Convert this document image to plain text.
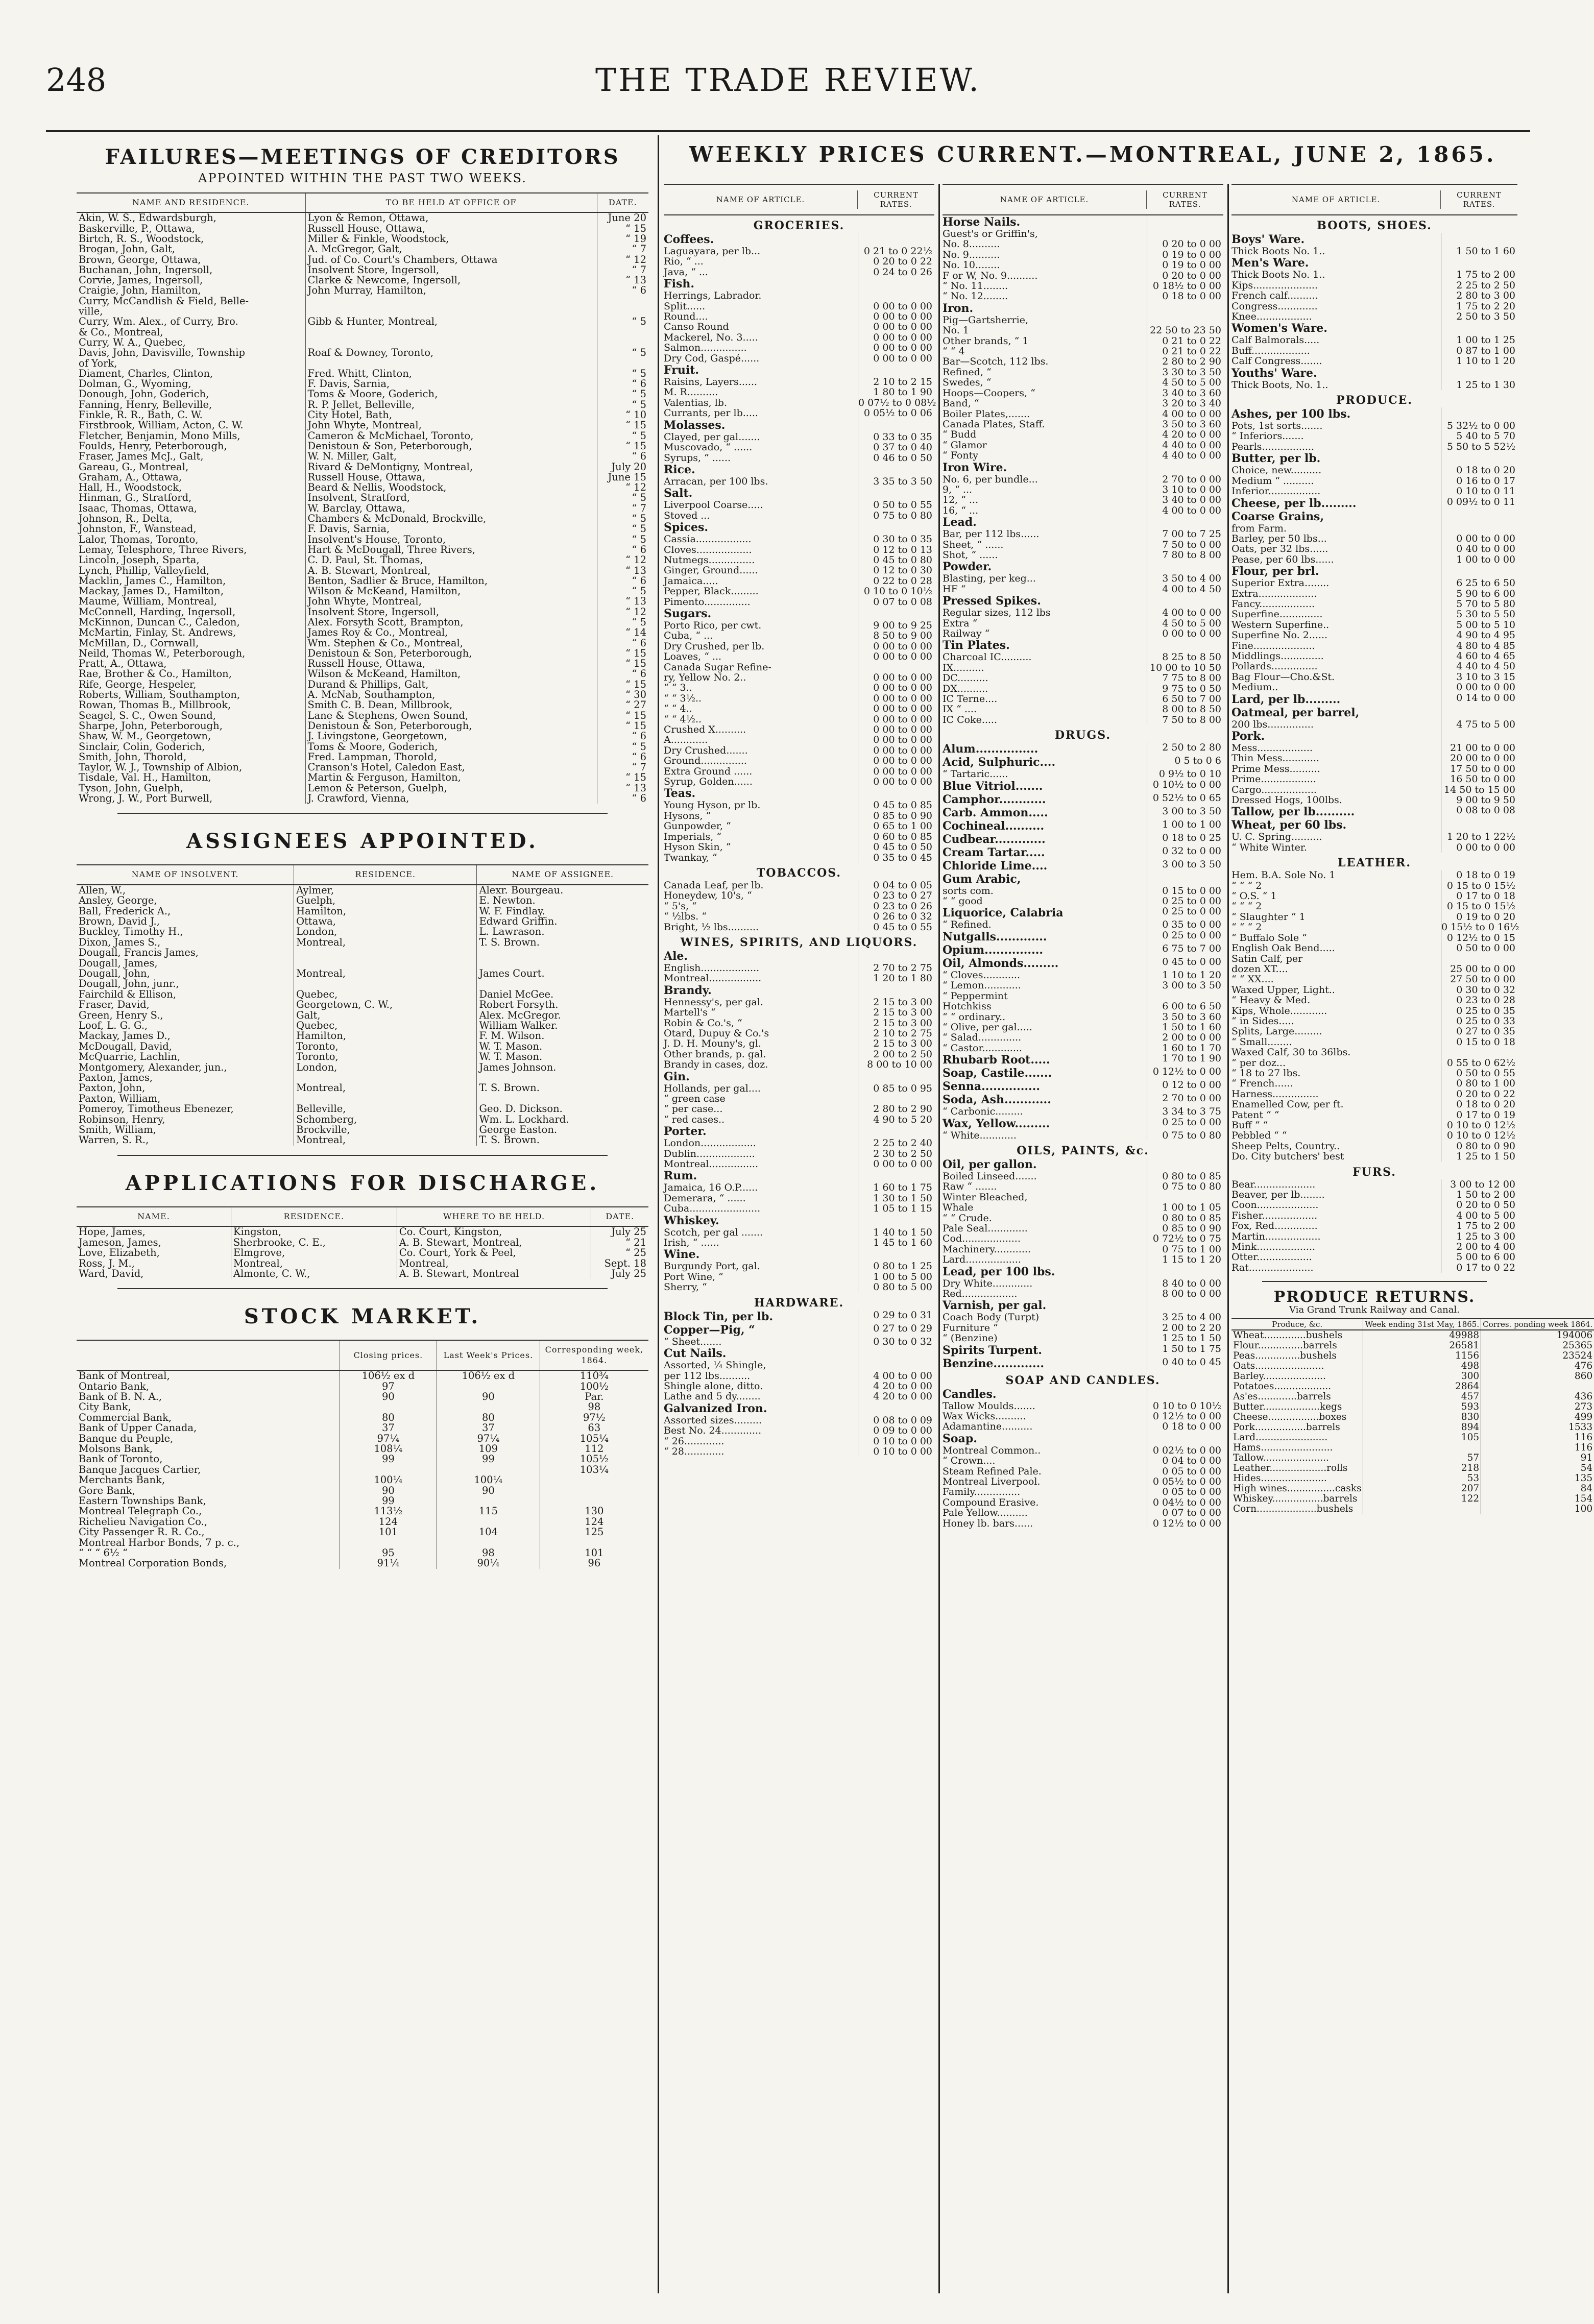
248	THE TRADE REVIEW.
FAILURES—MEETINGS OF CREDITORS
APPOINTED WITHIN THE PAST TWO WEEKS.
NAME AND RESIDENCE.	TO BE HELD AT OFFICE OF	DATE.
Akin, W. S., Edwardsburgh,	Lyon & Remon, Ottawa,	June 20
Baskerville, P., Ottawa,	Russell House, Ottawa,	“ 15
Birtch, R. S., Woodstock,	Miller & Finkle, Woodstock,	“ 19
Brogan, John, Galt,	A. McGregor, Galt,	“ 7
Brown, George, Ottawa,	Jud. of Co. Court's Chambers, Ottawa	“ 12
Buchanan, John, Ingersoll,	Insolvent Store, Ingersoll,	“ 7
Corvie, James, Ingersoll,	Clarke & Newcome, Ingersoll,	“ 13
Craigie, John, Hamilton,	John Murray, Hamilton,	“ 6
Curry, McCandlish & Field, Belle-		
ville,		
Curry, Wm. Alex., of Curry, Bro.	Gibb & Hunter, Montreal,	“ 5
& Co., Montreal,		
Curry, W. A., Quebec,		
Davis, John, Davisville, Township	Roaf & Downey, Toronto,	“ 5
of York,		
Diament, Charles, Clinton,	Fred. Whitt, Clinton,	“ 5
Dolman, G., Wyoming,	F. Davis, Sarnia,	“ 6
Donough, John, Goderich,	Toms & Moore, Goderich,	“ 5
Fanning, Henry, Belleville,	R. P. Jellet, Belleville,	“ 5
Finkle, R. R., Bath, C. W.	City Hotel, Bath,	“ 10
Firstbrook, William, Acton, C. W.	John Whyte, Montreal,	“ 15
Fletcher, Benjamin, Mono Mills,	Cameron & McMichael, Toronto,	“ 5
Foulds, Henry, Peterborough,	Denistoun & Son, Peterborough,	“ 15
Fraser, James McJ., Galt,	W. N. Miller, Galt,	“ 6
Gareau, G., Montreal,	Rivard & DeMontigny, Montreal,	July 20
Graham, A., Ottawa,	Russell House, Ottawa,	June 15
Hall, H., Woodstock,	Beard & Nellis, Woodstock,	“ 12
Hinman, G., Stratford,	Insolvent, Stratford,	“ 5
Isaac, Thomas, Ottawa,	W. Barclay, Ottawa,	“ 7
Johnson, R., Delta,	Chambers & McDonald, Brockville,	“ 5
Johnston, F., Wanstead,	F. Davis, Sarnia,	“ 5
Lalor, Thomas, Toronto,	Insolvent's House, Toronto,	“ 5
Lemay, Telesphore, Three Rivers,	Hart & McDougall, Three Rivers,	“ 6
Lincoln, Joseph, Sparta,	C. D. Paul, St. Thomas,	“ 12
Lynch, Phillip, Valleyfield,	A. B. Stewart, Montreal,	“ 13
Macklin, James C., Hamilton,	Benton, Sadlier & Bruce, Hamilton,	“ 6
Mackay, James D., Hamilton,	Wilson & McKeand, Hamilton,	“ 5
Maume, William, Montreal,	John Whyte, Montreal,	“ 13
McConnell, Harding, Ingersoll,	Insolvent Store, Ingersoll,	“ 12
McKinnon, Duncan C., Caledon,	Alex. Forsyth Scott, Brampton,	“ 5
McMartin, Finlay, St. Andrews,	James Roy & Co., Montreal,	“ 14
McMillan, D., Cornwall,	Wm. Stephen & Co., Montreal,	“ 6
Neild, Thomas W., Peterborough,	Denistoun & Son, Peterborough,	“ 15
Pratt, A., Ottawa,	Russell House, Ottawa,	“ 15
Rae, Brother & Co., Hamilton,	Wilson & McKeand, Hamilton,	“ 6
Rife, George, Hespeler,	Durand & Phillips, Galt,	“ 15
Roberts, William, Southampton,	A. McNab, Southampton,	“ 30
Rowan, Thomas B., Millbrook,	Smith C. B. Dean, Millbrook,	“ 27
Seagel, S. C., Owen Sound,	Lane & Stephens, Owen Sound,	“ 15
Sharpe, John, Peterborough,	Denistoun & Son, Peterborough,	“ 15
Shaw, W. M., Georgetown,	J. Livingstone, Georgetown,	“ 6
Sinclair, Colin, Goderich,	Toms & Moore, Goderich,	“ 5
Smith, John, Thorold,	Fred. Lampman, Thorold,	“ 6
Taylor, W. J., Township of Albion,	Cranson's Hotel, Caledon East,	“ 7
Tisdale, Val. H., Hamilton,	Martin & Ferguson, Hamilton,	“ 15
Tyson, John, Guelph,	Lemon & Peterson, Guelph,	“ 13
Wrong, J. W., Port Burwell,	J. Crawford, Vienna,	“ 6
ASSIGNEES APPOINTED.
NAME OF INSOLVENT.	RESIDENCE.	NAME OF ASSIGNEE.
Allen, W.,	Aylmer,	Alexr. Bourgeau.
Ansley, George,	Guelph,	E. Newton.
Ball, Frederick A.,	Hamilton,	W. F. Findlay.
Brown, David J.,	Ottawa,	Edward Griffin.
Buckley, Timothy H.,	London,	L. Lawrason.
Dixon, James S.,	Montreal,	T. S. Brown.
Dougall, Francis James,		
Dougall, James,		
Dougall, John,	Montreal,	James Court.
Dougall, John, junr.,		
Fairchild & Ellison,	Quebec,	Daniel McGee.
Fraser, David,	Georgetown, C. W.,	Robert Forsyth.
Green, Henry S.,	Galt,	Alex. McGregor.
Loof, L. G. G.,	Quebec,	William Walker.
Mackay, James D.,	Hamilton,	F. M. Wilson.
McDougall, David,	Toronto,	W. T. Mason.
McQuarrie, Lachlin,	Toronto,	W. T. Mason.
Montgomery, Alexander, jun.,	London,	James Johnson.
Paxton, James,		
Paxton, John,	Montreal,	T. S. Brown.
Paxton, William,		
Pomeroy, Timotheus Ebenezer,	Belleville,	Geo. D. Dickson.
Robinson, Henry,	Schomberg,	Wm. L. Lockhard.
Smith, William,	Brockville,	George Easton.
Warren, S. R.,	Montreal,	T. S. Brown.
APPLICATIONS FOR DISCHARGE.
NAME.	RESIDENCE.	WHERE TO BE HELD.	DATE.
Hope, James,	Kingston,	Co. Court, Kingston,	July 25
Jameson, James,	Sherbrooke, C. E.,	A. B. Stewart, Montreal,	“ 21
Love, Elizabeth,	Elmgrove,	Co. Court, York & Peel,	“ 25
Ross, J. M.,	Montreal,	Montreal,	Sept. 18
Ward, David,	Almonte, C. W.,	A. B. Stewart, Montreal	July 25
STOCK MARKET.
	Closing prices.	Last Week's Prices.	Corresponding week, 1864.
Bank of Montreal,	106½ ex d	106½ ex d	110¾
Ontario Bank,	97		100½
Bank of B. N. A.,	90	90	Par.
City Bank,			98
Commercial Bank,	80	80	97½
Bank of Upper Canada,	37	37	63
Banque du Peuple,	97¼	97¼	105¼
Molsons Bank,	108¼	109	112
Bank of Toronto,	99	99	105½
Banque Jacques Cartier,			103¼
Merchants Bank,	100¼	100¼	
Gore Bank,	90	90	
Eastern Townships Bank,	99		
Montreal Telegraph Co.,	113½	115	130
Richelieu Navigation Co.,	124		124
City Passenger R. R. Co.,	101	104	125
Montreal Harbor Bonds, 7 p. c.,			
“ “ “ 6½ “	95	98	101
Montreal Corporation Bonds,	91¼	90¼	96
WEEKLY PRICES CURRENT.—MONTREAL, JUNE 2, 1865.
NAME OF ARTICLE.	CURRENT RATES.
GROCERIES.
Coffees.
Laguayara, per lb...	0 21 to 0 22½
Rio, “ ...	0 20 to 0 22
Java, “ ...	0 24 to 0 26
Fish.
Herrings, Labrador.
Split......	0 00 to 0 00
Round....	0 00 to 0 00
Canso Round	0 00 to 0 00
Mackerel, No. 3.....	0 00 to 0 00
Salmon...............	0 00 to 0 00
Dry Cod, Gaspé......	0 00 to 0 00
Fruit.
Raisins, Layers......	2 10 to 2 15
M. R..........	1 80 to 1 90
Valentias, lb.	0 07½ to 0 08½
Currants, per lb.....	0 05½ to 0 06
Molasses.
Clayed, per gal.......	0 33 to 0 35
Muscovado, “ ......	0 37 to 0 40
Syrups, “ ......	0 46 to 0 50
Rice.
Arracan, per 100 lbs.	3 35 to 3 50
Salt.
Liverpool Coarse.....	0 50 to 0 55
Stoved ...	0 75 to 0 80
Spices.
Cassia..................	0 30 to 0 35
Cloves..................	0 12 to 0 13
Nutmegs...............	0 45 to 0 80
Ginger, Ground......	0 12 to 0 30
Jamaica.....	0 22 to 0 28
Pepper, Black.........	0 10 to 0 10½
Pimento...............	0 07 to 0 08
Sugars.
Porto Rico, per cwt.	9 00 to 9 25
Cuba, “ ...	8 50 to 9 00
Dry Crushed, per lb.	0 00 to 0 00
Loaves, “ ...	0 00 to 0 00
Canada Sugar Refine-
ry, Yellow No. 2..	0 00 to 0 00
“ “ 3..	0 00 to 0 00
“ “ 3½..	0 00 to 0 00
“ “ 4..	0 00 to 0 00
“ “ 4½..	0 00 to 0 00
Crushed X..........	0 00 to 0 00
A............	0 00 to 0 00
Dry Crushed.......	0 00 to 0 00
Ground...............	0 00 to 0 00
Extra Ground ......	0 00 to 0 00
Syrup, Golden......	0 00 to 0 00
Teas.
Young Hyson, pr lb.	0 45 to 0 85
Hysons, “	0 85 to 0 90
Gunpowder, “	0 65 to 1 00
Imperials, “	0 60 to 0 85
Hyson Skin, “	0 45 to 0 50
Twankay, “	0 35 to 0 45
TOBACCOS.
Canada Leaf, per lb.	0 04 to 0 05
Honeydew, 10's, “	0 23 to 0 27
“ 5's, “	0 23 to 0 26
“ ½lbs. “	0 26 to 0 32
Bright, ½ lbs..........	0 45 to 0 55
WINES, SPIRITS, AND LIQUORS.
Ale.
English...................	2 70 to 2 75
Montreal.................	1 20 to 1 80
Brandy.
Hennessy's, per gal.	2 15 to 3 00
Martell's “	2 15 to 3 00
Robin & Co.'s, “	2 15 to 3 00
Otard, Dupuy & Co.'s	2 10 to 2 75
J. D. H. Mouny's, gl.	2 15 to 3 00
Other brands, p. gal.	2 00 to 2 50
Brandy in cases, doz.	8 00 to 10 00
Gin.
Hollands, per gal....	0 85 to 0 95
“ green case
“ per case...	2 80 to 2 90
“ red cases..	4 90 to 5 20
Porter.
London..................	2 25 to 2 40
Dublin...................	2 30 to 2 50
Montreal................	0 00 to 0 00
Rum.
Jamaica, 16 O.P......	1 60 to 1 75
Demerara, “ ......	1 30 to 1 50
Cuba.......................	1 05 to 1 15
Whiskey.
Scotch, per gal .......	1 40 to 1 50
Irish, “ ......	1 45 to 1 60
Wine.
Burgundy Port, gal.	0 80 to 1 25
Port Wine, “	1 00 to 5 00
Sherry, “	0 80 to 5 00
HARDWARE.
Block Tin, per lb.	0 29 to 0 31
Copper—Pig, “	0 27 to 0 29
“ Sheet.......	0 30 to 0 32
Cut Nails.
Assorted, ¼ Shingle,
per 112 lbs..........	4 00 to 0 00
Shingle alone, ditto.	4 20 to 0 00
Lathe and 5 dy........	4 20 to 0 00
Galvanized Iron.
Assorted sizes.........	0 08 to 0 09
Best No. 24.............	0 09 to 0 00
“ 26.............	0 10 to 0 00
“ 28.............	0 10 to 0 00
NAME OF ARTICLE.	CURRENT RATES.
Horse Nails.
Guest's or Griffin's,
No. 8..........	0 20 to 0 00
No. 9..........	0 19 to 0 00
No. 10........	0 19 to 0 00
F or W, No. 9..........	0 20 to 0 00
“ No. 11........	0 18½ to 0 00
“ No. 12........	0 18 to 0 00
Iron.
Pig—Gartsherrie,
No. 1	22 50 to 23 50
Other brands, “ 1	0 21 to 0 22
“ “ 4	0 21 to 0 22
Bar—Scotch, 112 lbs.	2 80 to 2 90
Refined, “	3 30 to 3 50
Swedes, “	4 50 to 5 00
Hoops—Coopers, “	3 40 to 3 60
Band, “	3 20 to 3 40
Boiler Plates,.......	4 00 to 0 00
Canada Plates, Staff.	3 50 to 3 60
“ Budd	4 20 to 0 00
“ Glamor	4 40 to 0 00
“ Fonty	4 40 to 0 00
Iron Wire.
No. 6, per bundle...	2 70 to 0 00
9, “ ...	3 10 to 0 00
12, “ ...	3 40 to 0 00
16, “ ...	4 00 to 0 00
Lead.
Bar, per 112 lbs......	7 00 to 7 25
Sheet, “ ......	7 50 to 0 00
Shot, “ ......	7 80 to 8 00
Powder.
Blasting, per keg...	3 50 to 4 00
HF “	4 00 to 4 50
Pressed Spikes.
Regular sizes, 112 lbs	4 00 to 0 00
Extra “	4 50 to 5 00
Railway “	0 00 to 0 00
Tin Plates.
Charcoal IC..........	8 25 to 8 50
IX..........	10 00 to 10 50
DC..........	7 75 to 8 00
DX..........	9 75 to 0 50
IC Terne....	6 50 to 7 00
IX “ ....	8 00 to 8 50
IC Coke.....	7 50 to 8 00
DRUGS.
Alum................	2 50 to 2 80
Acid, Sulphuric....	0 5 to 0 6
“ Tartaric......	0 9½ to 0 10
Blue Vitriol.......	0 10½ to 0 00
Camphor............	0 52½ to 0 65
Carb. Ammon.....	3 00 to 3 50
Cochineal..........	1 00 to 1 00
Cudbear.............	0 18 to 0 25
Cream Tartar.....	0 32 to 0 00
Chloride Lime....	3 00 to 3 50
Gum Arabic,
sorts com.	0 15 to 0 00
“ “ good	0 25 to 0 00
Liquorice, Calabria	0 25 to 0 00
“ Refined.	0 35 to 0 00
Nutgalls.............	0 25 to 0 00
Opium...............	6 75 to 7 00
Oil, Almonds.........	0 45 to 0 00
“ Cloves............	1 10 to 1 20
“ Lemon............	3 00 to 3 50
“ Peppermint
Hotchkiss	6 00 to 6 50
“ “ ordinary..	3 50 to 3 60
“ Olive, per gal.....	1 50 to 1 60
“ Salad..............	2 00 to 0 00
“ Castor.............	1 60 to 1 70
Rhubarb Root.....	1 70 to 1 90
Soap, Castile.......	0 12½ to 0 00
Senna...............	0 12 to 0 00
Soda, Ash............	2 70 to 0 00
“ Carbonic.........	3 34 to 3 75
Wax, Yellow.........	0 25 to 0 00
“ White............	0 75 to 0 80
OILS, PAINTS, &c.
Oil, per gallon.
Boiled Linseed.......	0 80 to 0 85
Raw “ .......	0 75 to 0 80
Winter Bleached,
Whale	1 00 to 1 05
“ “ Crude.	0 80 to 0 85
Pale Seal.............	0 85 to 0 90
Cod...................	0 72½ to 0 75
Machinery............	0 75 to 1 00
Lard..................	1 15 to 1 20
Lead, per 100 lbs.
Dry White.............	8 40 to 0 00
Red..................	8 00 to 0 00
Varnish, per gal.
Coach Body (Turpt)	3 25 to 4 00
Furniture “	2 00 to 2 20
“ (Benzine)	1 25 to 1 50
Spirits Turpent.	1 50 to 1 75
Benzine.............	0 40 to 0 45
SOAP AND CANDLES.
Candles.
Tallow Moulds.......	0 10 to 0 10½
Wax Wicks..........	0 12½ to 0 00
Adamantine..........	0 18 to 0 00
Soap.
Montreal Common..	0 02½ to 0 00
“ Crown....	0 04 to 0 00
Steam Refined Pale.	0 05 to 0 00
Montreal Liverpool.	0 05½ to 0 00
Family...............	0 05 to 0 00
Compound Erasive.	0 04½ to 0 00
Pale Yellow..........	0 07 to 0 00
Honey lb. bars......	0 12½ to 0 00
NAME OF ARTICLE.	CURRENT RATES.
BOOTS, SHOES.
Boys' Ware.
Thick Boots No. 1..	1 50 to 1 60
Men's Ware.
Thick Boots No. 1..	1 75 to 2 00
Kips.....................	2 25 to 2 50
French calf..........	2 80 to 3 00
Congress.............	1 75 to 2 20
Knee..................	2 50 to 3 50
Women's Ware.
Calf Balmorals.....	1 00 to 1 25
Buff...................	0 87 to 1 00
Calf Congress.......	1 10 to 1 20
Youths' Ware.
Thick Boots, No. 1..	1 25 to 1 30
PRODUCE.
Ashes, per 100 lbs.
Pots, 1st sorts.......	5 32½ to 0 00
“ Inferiors.......	5 40 to 5 70
Pearls.................	5 50 to 5 52½
Butter, per lb.
Choice, new..........	0 18 to 0 20
Medium “ ..........	0 16 to 0 17
Inferior.................	0 10 to 0 11
Cheese, per lb.........	0 09½ to 0 11
Coarse Grains,
from Farm.
Barley, per 50 lbs...	0 00 to 0 00
Oats, per 32 lbs......	0 40 to 0 00
Pease, per 60 lbs......	1 00 to 0 00
Flour, per brl.
Superior Extra........	6 25 to 6 50
Extra...................	5 90 to 6 00
Fancy..................	5 70 to 5 80
Superfine..............	5 30 to 5 50
Western Superfine..	5 00 to 5 10
Superfine No. 2......	4 90 to 4 95
Fine....................	4 80 to 4 85
Middlings..............	4 60 to 4 65
Pollards...............	4 40 to 4 50
Bag Flour—Cho.&St.	3 10 to 3 15
Medium..	0 00 to 0 00
Lard, per lb.........	0 14 to 0 00
Oatmeal, per barrel,
200 lbs...............	4 75 to 5 00
Pork.
Mess..................	21 00 to 0 00
Thin Mess............	20 00 to 0 00
Prime Mess..........	17 50 to 0 00
Prime..................	16 50 to 0 00
Cargo..................	14 50 to 15 00
Dressed Hogs, 100lbs.	9 00 to 9 50
Tallow, per lb..........	0 08 to 0 08
Wheat, per 60 lbs.
U. C. Spring..........	1 20 to 1 22½
“ White Winter.	0 00 to 0 00
LEATHER.
Hem. B.A. Sole No. 1	0 18 to 0 19
“ “ “ 2	0 15 to 0 15½
“ O.S. “ 1	0 17 to 0 18
“ “ “ 2	0 15 to 0 15½
“ Slaughter “ 1	0 19 to 0 20
“ “ “ 2	0 15½ to 0 16½
“ Buffalo Sole “	0 12½ to 0 15
English Oak Bend.....	0 50 to 0 00
Satin Calf, per
dozen XT....	25 00 to 0 00
“ “ XX....	27 50 to 0 00
Waxed Upper, Light..	0 30 to 0 32
“ Heavy & Med.	0 23 to 0 28
Kips, Whole............	0 25 to 0 35
“ in Sides.....	0 25 to 0 33
Splits, Large.........	0 27 to 0 35
“ Small........	0 15 to 0 18
Waxed Calf, 30 to 36lbs.
“ per doz...	0 55 to 0 62½
“ 18 to 27 lbs.	0 50 to 0 55
“ French......	0 80 to 1 00
Harness...............	0 20 to 0 22
Enamelled Cow, per ft.	0 18 to 0 20
Patent “ “	0 17 to 0 19
Buff “ “	0 10 to 0 12½
Pebbled “ “	0 10 to 0 12½
Sheep Pelts, Country..	0 80 to 0 90
Do. City butchers' best	1 25 to 1 50
FURS.
Bear....................	3 00 to 12 00
Beaver, per lb........	1 50 to 2 00
Coon....................	0 20 to 0 50
Fisher..................	4 00 to 5 00
Fox, Red..............	1 75 to 2 00
Martin..................	1 25 to 3 00
Mink...................	2 00 to 4 00
Otter..................	5 00 to 6 00
Rat.....................	0 17 to 0 22
PRODUCE RETURNS.
Via Grand Trunk Railway and Canal.
Produce, &c.	Week ending 31st May, 1865.	Corres. ponding week 1864.
Wheat..............bushels	49988	194006
Flour...............barrels	26581	25365
Peas...............bushels	1156	23524
Oats.......................	498	476
Barley.....................	300	860
Potatoes...................	2864	
As'es.............barrels	457	436
Butter...................kegs	593	273
Cheese.................boxes	830	499
Pork.................barrels	894	1533
Lard........................	105	116
Hams........................		116
Tallow......................	57	91
Leather...................rolls	218	54
Hides......................	53	135
High wines................casks	207	84
Whiskey.................barrels	122	154
Corn....................bushels		100
